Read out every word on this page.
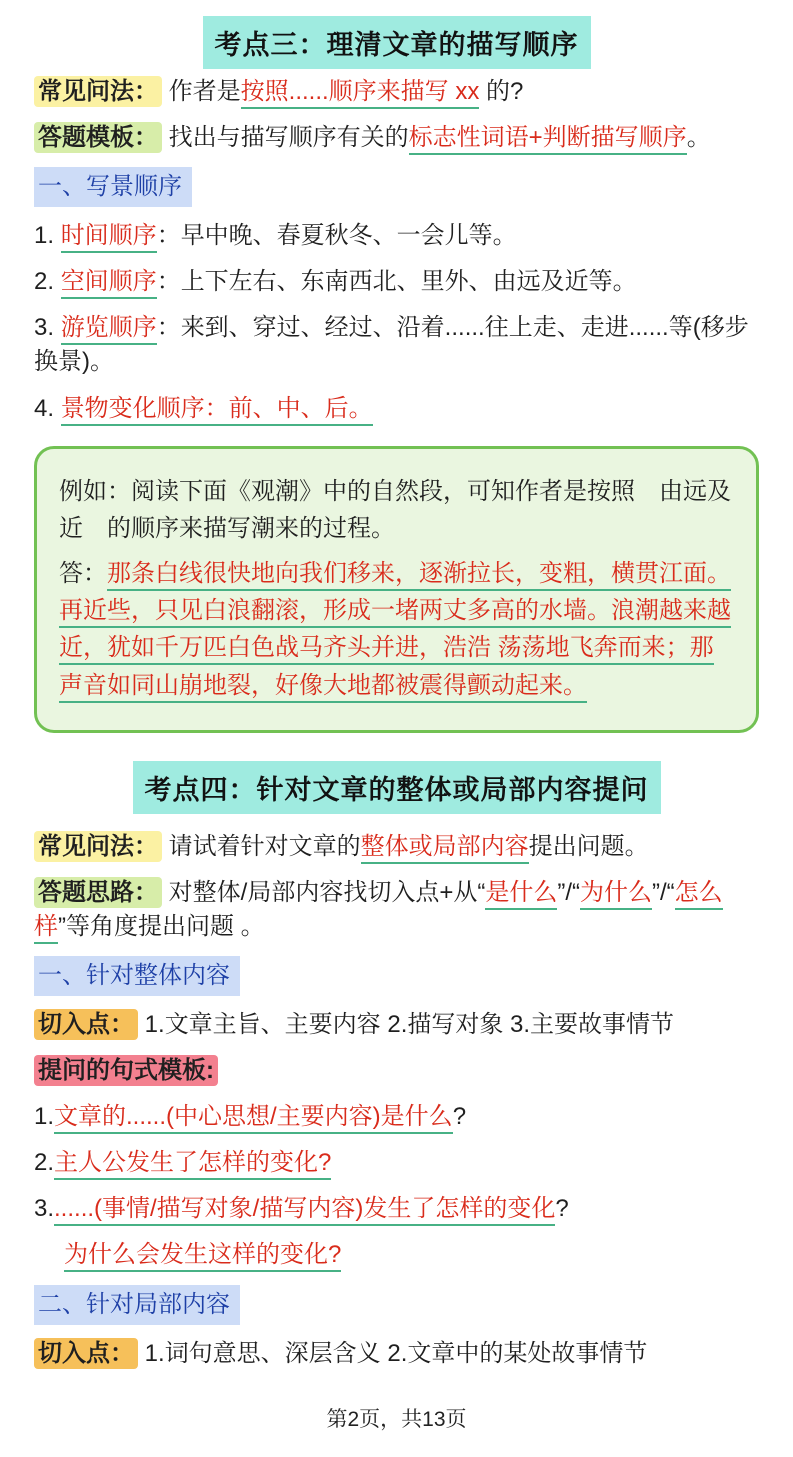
考点三：理清文章的描写顺序

常见问法： 作者是按照......顺序来描写 xx 的?

答题模板： 找出与描写顺序有关的标志性词语+判断描写顺序。

一、写景顺序

1. 时间顺序：早中晚、春夏秋冬、一会儿等。

2. 空间顺序：上下左右、东南西北、里外、由远及近等。

3. 游览顺序：来到、穿过、经过、沿着......往上走、走进......等(移步换景)。

4. 景物变化顺序：前、中、后。

例如：阅读下面《观潮》中的自然段，可知作者是按照　由远及近　的顺序来描写潮来的过程。

答：那条白线很快地向我们移来，逐渐拉长，变粗，横贯江面。再近些，只见白浪翻滚，形成一堵两丈多高的水墙。浪潮越来越近，犹如千万匹白色战马齐头并进，浩浩 荡荡地飞奔而来；那声音如同山崩地裂，好像大地都被震得颤动起来。

考点四：针对文章的整体或局部内容提问

常见问法： 请试着针对文章的整体或局部内容提出问题。

答题思路： 对整体/局部内容找切入点+从“是什么”/“为什么”/“怎么样”等角度提出问题 。

一、针对整体内容

切入点： 1.文章主旨、主要内容 2.描写对象 3.主要故事情节

提问的句式模板:

1.文章的......(中心思想/主要内容)是什么?

2.主人公发生了怎样的变化?

3.......(事情/描写对象/描写内容)发生了怎样的变化?

为什么会发生这样的变化?

二、针对局部内容

切入点： 1.词句意思、深层含义 2.文章中的某处故事情节

第2页，共13页
